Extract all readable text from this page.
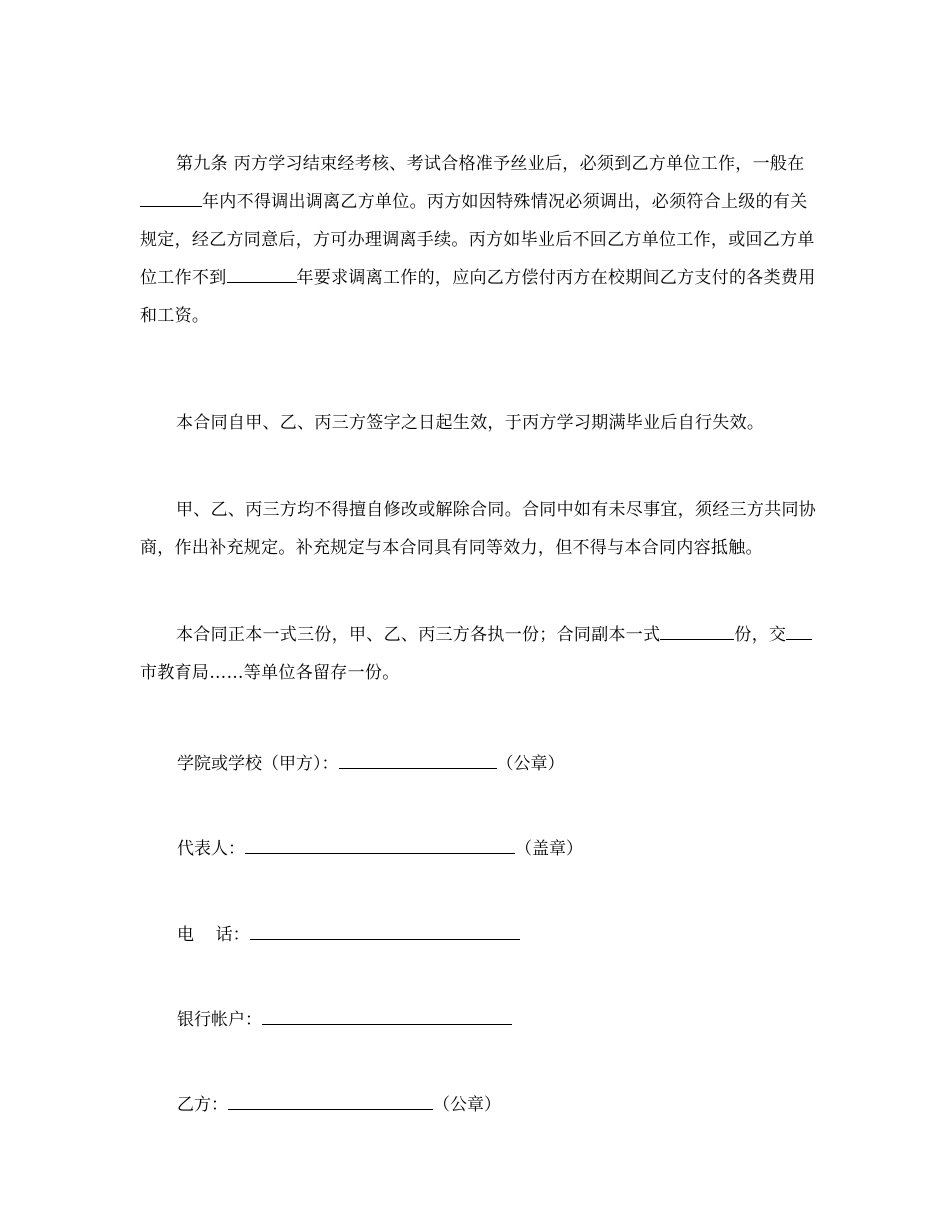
第九条 丙方学习结束经考核、考试合格准予丝业后，必须到乙方单位工作，一般在年内不得调出调离乙方单位。丙方如因特殊情况必须调出，必须符合上级的有关规定，经乙方同意后，方可办理调离手续。丙方如毕业后不回乙方单位工作，或回乙方单位工作不到	年要求调离工作的，应向乙方偿付丙方在校期间乙方支付的各类费用和工资。

本合同自甲、乙、丙三方签字之日起生效，于丙方学习期满毕业后自行失效。

甲、乙、丙三方均不得擅自修改或解除合同。合同中如有未尽事宜，须经三方共同协商，作出补充规定。补充规定与本合同具有同等效力，但不得与本合同内容抵触。

本合同正本一式三份，甲、乙、丙三方各执一份；合同副本一式	份，交市教育局……等单位各留存一份。

学院或学校（甲方）：	（公章）
代表人：	（盖章）
电    话：
银行帐户：
乙方：	（公章）
